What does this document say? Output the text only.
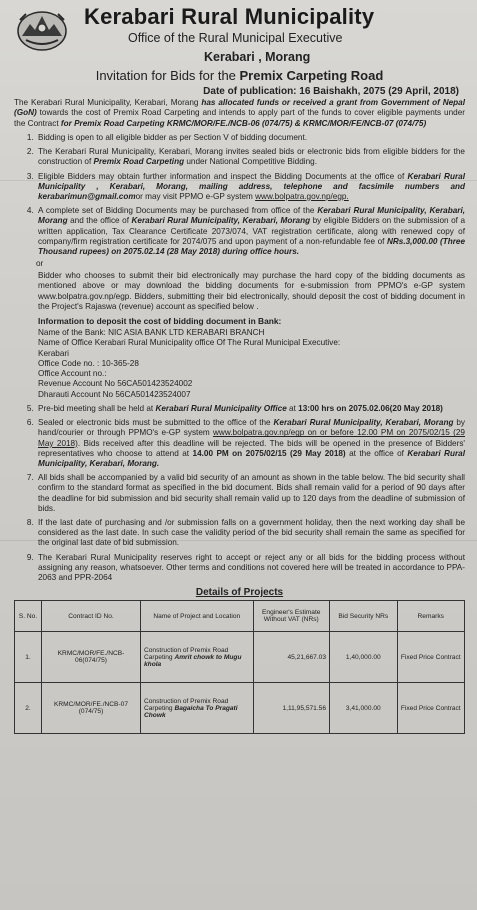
Kerabari Rural Municipality
Office of the Rural Municipal Executive
Kerabari , Morang
Invitation for Bids for the Premix Carpeting Road
Date of publication: 16 Baishakh, 2075 (29 April, 2018)
The Kerabari Rural Municipality, Kerabari, Morang has allocated funds or received a grant from Government of Nepal (GoN) towards the cost of Premix Road Carpeting and intends to apply part of the funds to cover eligible payments under the Contract for Premix Road Carpeting KRMC/MOR/FE./NCB-06 (074/75) & KRMC/MOR/FE/NCB-07 (074/75)
1. Bidding is open to all eligible bidder as per Section V of bidding document.
2. The Kerabari Rural Municipality, Kerabari, Morang invites sealed bids or electronic bids from eligible bidders for the construction of Premix Road Carpeting under National Competitive Bidding.
3. Eligible Bidders may obtain further information and inspect the Bidding Documents at the office of Kerabari Rural Municipality , Kerabari, Morang, mailing address, telephone and facsimile numbers and kerabarimun@gmail.comor may visit PPMO e-GP system www.bolpatra.gov.np/egp.
4. A complete set of Bidding Documents may be purchased from office of the Kerabari Rural Municipality, Kerabari, Morang and the office of Kerabari Rural Municipality, Kerabari, Morang by eligible Bidders on the submission of a written application, Tax Clearance Certificate 2073/074, VAT registration certificate, along with renewed copy of company/firm registration certificate for 2074/075 and upon payment of a non-refundable fee of NRs.3,000.00 (Three Thousand rupees) on 2075.02.14 (28 May 2018) during office hours.
or
Bidder who chooses to submit their bid electronically may purchase the hard copy of the bidding documents as mentioned above or may download the bidding documents for e-submission from PPMO's e-GP system www.bolpatra.gov.np/egp. Bidders, submitting their bid electronically, should deposit the cost of bidding document in the Project's Rajaswa (revenue) account as specified below .
Information to deposit the cost of bidding document in Bank:
Name of the Bank: NIC ASIA BANK LTD KERABARI BRANCH
Name of Office Kerabari Rural Municipality office Of The Rural Municipal Executive:
Kerabari
Office Code no. : 10-365-28
Office Account no.:
Revenue Account No 56CA501423524002
Dharauti Account No 56CA501423524007
5. Pre-bid meeting shall be held at Kerabari Rural Municipality Office at 13:00 hrs on 2075.02.06(20 May 2018)
6. Sealed or electronic bids must be submitted to the office of the Kerabari Rural Municipality, Kerabari, Morang by hand/courier or through PPMO's e-GP system www.bolpatra.gov.np/egp on or before 12.00 PM on 2075/02/15 (29 May 2018). Bids received after this deadline will be rejected. The bids will be opened in the presence of Bidders' representatives who choose to attend at 14.00 PM on 2075/02/15 (29 May 2018) at the office of Kerabari Rural Municipality, Kerabari, Morang.
7. All bids shall be accompanied by a valid bid security of an amount as shown in the table below. The bid security shall confirm to the standard format as specified in the bid document. Bids shall remain valid for a period of 90 days after the deadline for bid submission and bid security shall remain valid up to 120 days from the deadline of submission of bids.
8. If the last date of purchasing and /or submission falls on a government holiday, then the next working day shall be considered as the last date. In such case the validity period of the bid security shall remain the same as specified for the original last date of bid submission.
9. The Kerabari Rural Municipality reserves right to accept or reject any or all bids for the bidding process without assigning any reason, whatsoever. Other terms and conditions not covered here will be treated in accordance to PPA-2063 and PPR-2064
Details of Projects
S. No.	Contract ID No.	Name of Project and Location	Engineer's Estimate Without VAT (NRs)	Bid Security NRs	Remarks
1.	KRMC/MOR/FE./NCB-06(074/75)	Construction of Premix Road Carpeting Amrit chowk to Mugu khola	45,21,667.03	1,40,000.00	Fixed Price Contract
2.	KRMC/MOR/FE./NCB-07 (074/75)	Construction of Premix Road Carpeting Bagaicha To Pragati Chowk	1,11,95,571.56	3,41,000.00	Fixed Price Contract
